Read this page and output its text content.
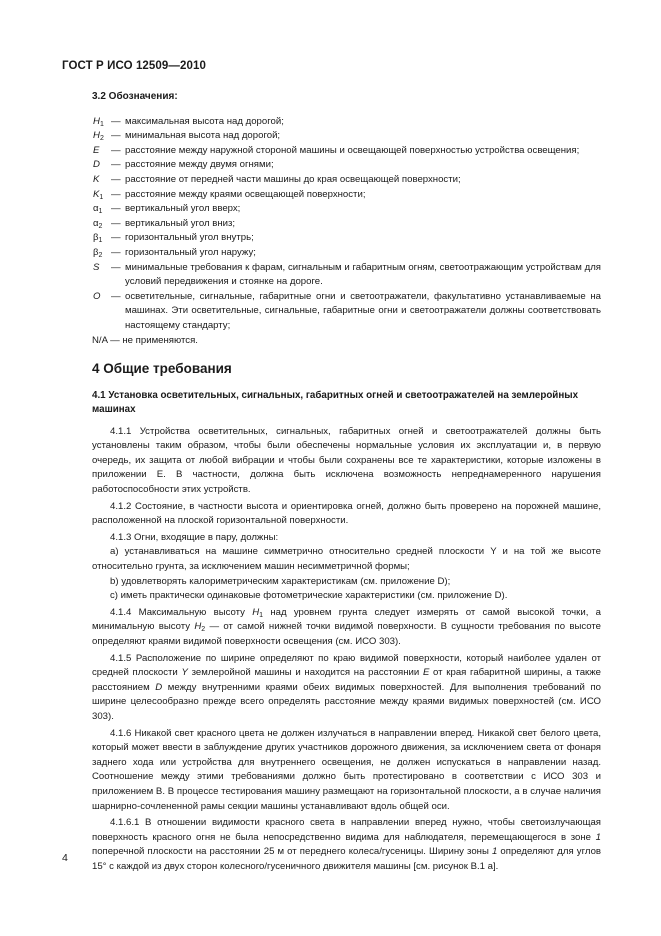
ГОСТ Р ИСО 12509—2010
3.2 Обозначения:
$H_1$ — максимальная высота над дорогой;
$H_2$ — минимальная высота над дорогой;
E	— расстояние между наружной стороной машины и освещающей поверхностью устройства освещения;
D	— расстояние между двумя огнями;
K	— расстояние от передней части машины до края освещающей поверхности;
$K_1$ — расстояние между краями освещающей поверхности;
$\alpha_1$ — вертикальный угол вверх;
$\alpha_2$ — вертикальный угол вниз;
$\beta_1$ — горизонтальный угол внутрь;
$\beta_2$ — горизонтальный угол наружу;
S	— минимальные требования к фарам, сигнальным и габаритным огням, светоотражающим устройствам для условий передвижения и стоянке на дороге.
O	— осветительные, сигнальные, габаритные огни и светоотражатели, факультативно устанавливаемые на машинах. Эти осветительные, сигнальные, габаритные огни и светоотражатели должны соответствовать настоящему стандарту;
N/A — не применяются.
4 Общие требования
4.1 Установка осветительных, сигнальных, габаритных огней и светоотражателей на землеройных машинах

4.1.1 Устройства осветительных, сигнальных, габаритных огней и светоотражателей должны быть установлены таким образом, чтобы были обеспечены нормальные условия их эксплуатации и, в первую очередь, их защита от любой вибрации и чтобы были сохранены все те характеристики, которые изложены в приложении Е. В частности, должна быть исключена возможность непреднамеренного нарушения работоспособности этих устройств.

4.1.2 Состояние, в частности высота и ориентировка огней, должно быть проверено на порожней машине, расположенной на плоской горизонтальной поверхности.

4.1.3 Огни, входящие в пару, должны:

а) устанавливаться на машине симметрично относительно средней плоскости Y и на той же высоте относительно грунта, за исключением машин несимметричной формы;

b) удовлетворять калориметрическим характеристикам (см. приложение D);

c) иметь практически одинаковые фотометрические характеристики (см. приложение D).

4.1.4 Максимальную высоту $H_1$ над уровнем грунта следует измерять от самой высокой точки, а минимальную высоту $H_2$ — от самой нижней точки видимой поверхности. В сущности требования по высоте определяют краями видимой поверхности освещения (см. ИСО 303).

4.1.5 Расположение по ширине определяют по краю видимой поверхности, который наиболее удален от средней плоскости Y землеройной машины и находится на расстоянии E от края габаритной ширины, а также расстоянием D между внутренними краями обеих видимых поверхностей. Для выполнения требований по ширине целесообразно прежде всего определять расстояние между краями видимых поверхностей (см. ИСО 303).

4.1.6 Никакой свет красного цвета не должен излучаться в направлении вперед. Никакой свет белого цвета, который может ввести в заблуждение других участников дорожного движения, за исключением света от фонаря заднего хода или устройства для внутреннего освещения, не должен испускаться в направлении назад. Соотношение между этими требованиями должно быть протестировано в соответствии с ИСО 303 и приложением В. В процессе тестирования машину размещают на горизонтальной плоскости, а в случае наличия шарнирно-сочлененной рамы секции машины устанавливают вдоль общей оси.

4.1.6.1 В отношении видимости красного света в направлении вперед нужно, чтобы светоизлучающая поверхность красного огня не была непосредственно видима для наблюдателя, перемещающегося в зоне 1 поперечной плоскости на расстоянии 25 м от переднего колеса/гусеницы. Ширину зоны 1 определяют для углов 15° с каждой из двух сторон колесного/гусеничного движителя машины [см. рисунок В.1 а].

4
